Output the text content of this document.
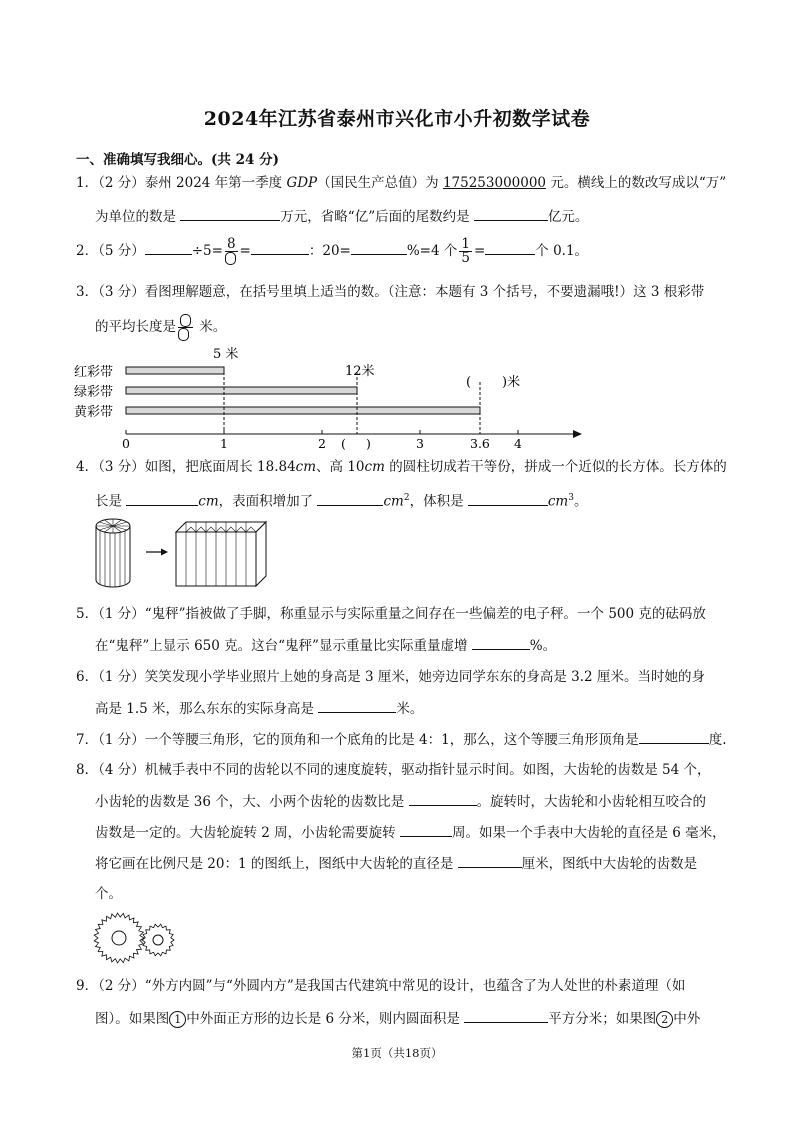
2024年江苏省泰州市兴化市小升初数学试卷
一、准确填写我细心。(共 24 分)
1．（2 分）泰州 2024 年第一季度 GDP（国民生产总值）为 175253000000 元。横线上的数改写成以“万”
为单位的数是	万元，省略“亿”后面的尾数约是	亿元。
2．（5 分）	÷5= 8 =	：20=	%=4 个 $\frac{1}{5}$ =	个 0.1。
3．（3 分）看图理解题意，在括号里填上适当的数。（注意：本题有 3 个括号，不要遗漏哦!）这 3 根彩带
的平均长度是
米。
红彩带
绿彩带
黄彩带
5 米
12米
( )米
0	1	2 ( )	3	3.6 4
4．（3 分）如图，把底面周长 18.84cm、高 10cm 的圆柱切成若干等份，拼成一个近似的长方体。长方体的
长是	cm，表面积增加了	$cm^2$，体积是	$cm^3$。
5．（1 分）“鬼秤”指被做了手脚，称重显示与实际重量之间存在一些偏差的电子秤。一个 500 克的砝码放
在“鬼秤”上显示 650 克。这台“鬼秤”显示重量比实际重量虚增	%。
6．（1 分）笑笑发现小学毕业照片上她的身高是 3 厘米，她旁边同学东东的身高是 3.2 厘米。当时她的身
高是 1.5 米，那么东东的实际身高是	米。
7．（1 分）一个等腰三角形，它的顶角和一个底角的比是 4：1，那么，这个等腰三角形顶角是	度.
8．（4 分）机械手表中不同的齿轮以不同的速度旋转，驱动指针显示时间。如图，大齿轮的齿数是 54 个，
小齿轮的齿数是 36 个，大、小两个齿轮的齿数比是	。旋转时，大齿轮和小齿轮相互咬合的
齿数是一定的。大齿轮旋转 2 周，小齿轮需要旋转	周。如果一个手表中大齿轮的直径是 6 毫米，
将它画在比例尺是 20：1 的图纸上，图纸中大齿轮的直径是	厘米，图纸中大齿轮的齿数是
个。
9．（2 分）“外方内圆”与“外圆内方”是我国古代建筑中常见的设计，也蕴含了为人处世的朴素道理（如
图）。如果图 1 中外面正方形的边长是 6 分米，则内圆面积是	平方分米；如果图 2 中外
第1页（共18页）
